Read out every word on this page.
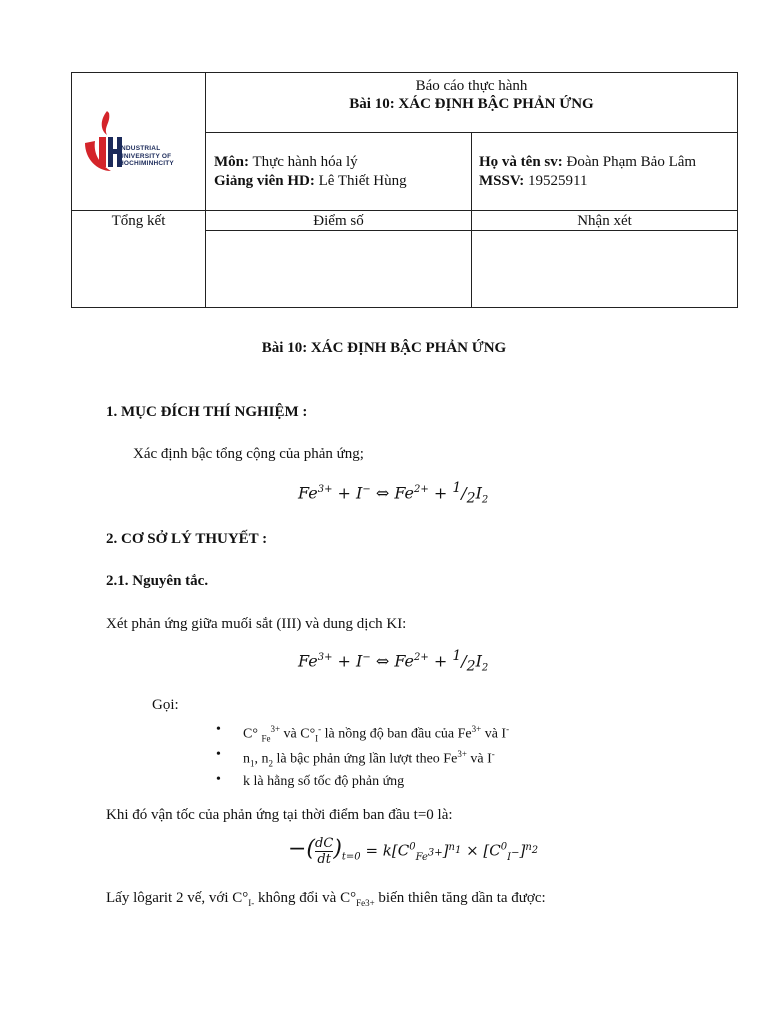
INDUSTRIAL
UNIVERSITY OF
HOCHIMINHCITY
Báo cáo thực hành
Bài 10: XÁC ĐỊNH BẬC PHẢN ỨNG
Môn: Thực hành hóa lý
Giảng viên HD: Lê Thiết Hùng
Họ và tên sv: Đoàn Phạm Bảo Lâm
MSSV: 19525911
Tổng kết	Điểm số	Nhận xét
Bài 10: XÁC ĐỊNH BẬC PHẢN ỨNG
1. MỤC ĐÍCH THÍ NGHIỆM :
Xác định bậc tổng cộng của phản ứng;
$Fe^{3+} + I^-$ ⇔ $Fe^{2+} + ^1/_2I_2$
2. CƠ SỞ LÝ THUYẾT :
2.1. Nguyên tắc.
Xét phản ứng giữa muối sắt (III) và dung dịch KI:
$Fe^{3+} + I^-$ ⇔ $Fe^{2+} + ^1/_2I_2$
Gọi:
• C° $_{Fe}^{3+}$ và $C^\circ_I^-$ là nồng độ ban đầu của $Fe^{3+}$ và I-
• $n_1$, $n_2$ là bậc phản ứng lần lượt theo $Fe^{3+}$ và I-
• k là hằng số tốc độ phản ứng
Khi đó vận tốc của phản ứng tại thời điểm ban đầu t=0 là:
−( $\frac{dC}{dt} )_{t=0} = k[C^0_{Fe^{3+}}]^{n_1} \times [C^0_{I^-}]^{n_2}$
Lấy lôgarit 2 vế, với $C^\circ_{I-}$ không đổi và $C^\circ_{Fe3+}$ biến thiên tăng dần ta được:
